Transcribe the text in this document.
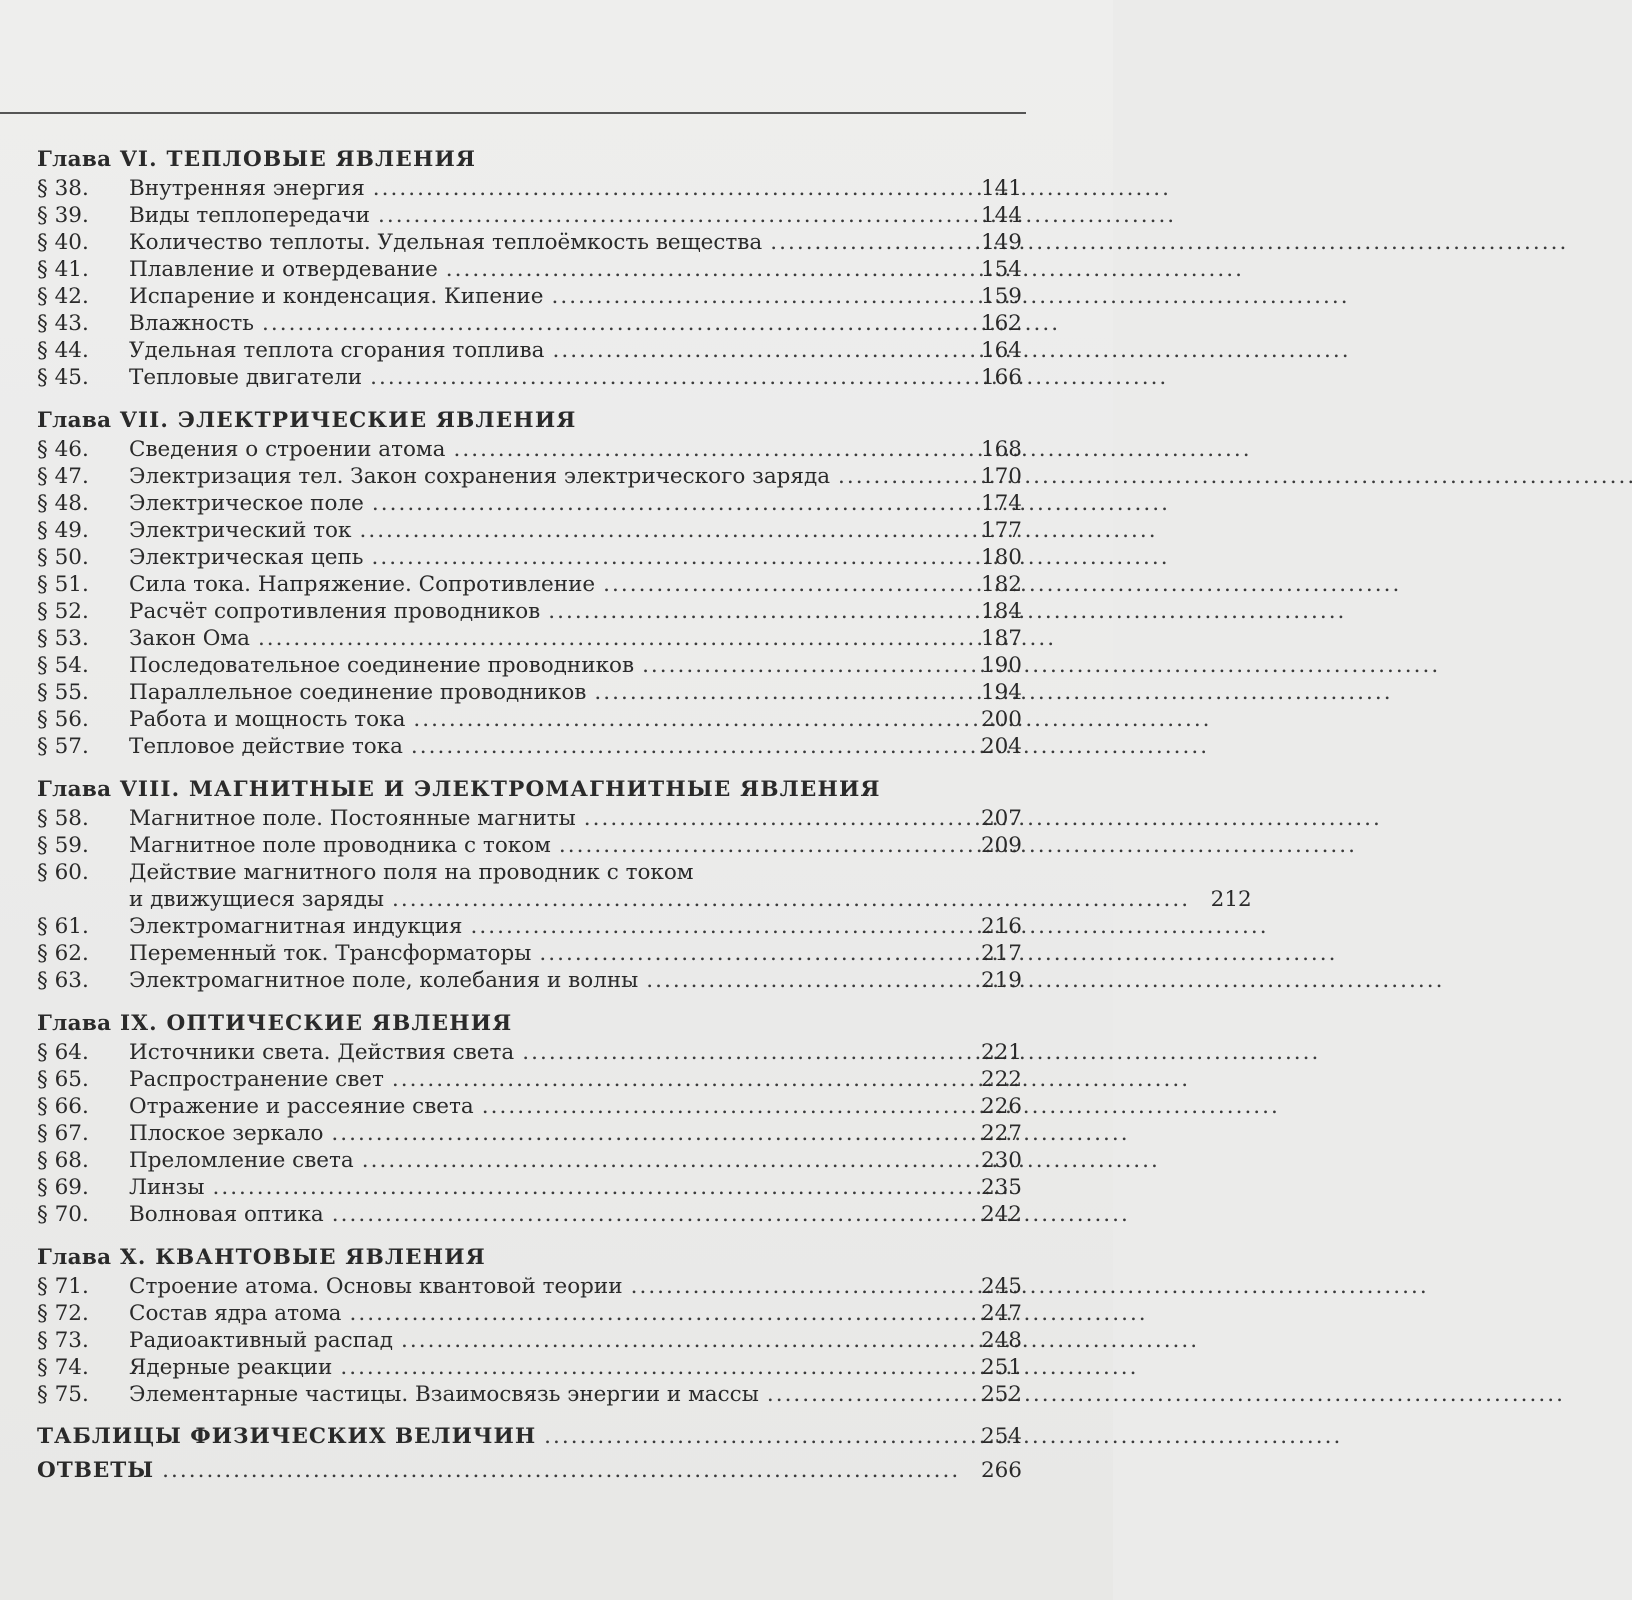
Глава VI. ТЕПЛОВЫЕ ЯВЛЕНИЯ
§ 38.	Внутренняя энергия . . .	141
§ 39.	Виды теплопередачи . . .	144
§ 40.	Количество теплоты. Удельная теплоёмкость вещества . . .	149
§ 41.	Плавление и отвердевание . . .	154
§ 42.	Испарение и конденсация. Кипение . . .	159
§ 43.	Влажность . . .	162
§ 44.	Удельная теплота сгорания топлива . . .	164
§ 45.	Тепловые двигатели . . .	166
Глава VII. ЭЛЕКТРИЧЕСКИЕ ЯВЛЕНИЯ
§ 46.	Сведения о строении атома . . .	168
§ 47.	Электризация тел. Закон сохранения электрического заряда . . .	170
§ 48.	Электрическое поле . . .	174
§ 49.	Электрический ток . . .	177
§ 50.	Электрическая цепь . . .	180
§ 51.	Сила тока. Напряжение. Сопротивление . . .	182
§ 52.	Расчёт сопротивления проводников . . .	184
§ 53.	Закон Ома . . .	187
§ 54.	Последовательное соединение проводников . . .	190
§ 55.	Параллельное соединение проводников . . .	194
§ 56.	Работа и мощность тока . . .	200
§ 57.	Тепловое действие тока . . .	204
Глава VIII. МАГНИТНЫЕ И ЭЛЕКТРОМАГНИТНЫЕ ЯВЛЕНИЯ
§ 58.	Магнитное поле. Постоянные магниты . . .	207
§ 59.	Магнитное поле проводника с током . . .	209
§ 60.	Действие магнитного поля на проводник с током
и движущиеся заряды . . .	212
§ 61.	Электромагнитная индукция . . .	216
§ 62.	Переменный ток. Трансформаторы . . .	217
§ 63.	Электромагнитное поле, колебания и волны . . .	219
Глава IX. ОПТИЧЕСКИЕ ЯВЛЕНИЯ
§ 64.	Источники света. Действия света . . .	221
§ 65.	Распространение свет . . .	222
§ 66.	Отражение и рассеяние света . . .	226
§ 67.	Плоское зеркало . . .	227
§ 68.	Преломление света . . .	230
§ 69.	Линзы . . .	235
§ 70.	Волновая оптика . . .	242
Глава X. КВАНТОВЫЕ ЯВЛЕНИЯ
§ 71.	Строение атома. Основы квантовой теории . . .	245
§ 72.	Состав ядра атома . . .	247
§ 73.	Радиоактивный распад . . .	248
§ 74.	Ядерные реакции . . .	251
§ 75.	Элементарные частицы. Взаимосвязь энергии и массы . . .	252
ТАБЛИЦЫ ФИЗИЧЕСКИХ ВЕЛИЧИН . . .	254
ОТВЕТЫ . . .	266
